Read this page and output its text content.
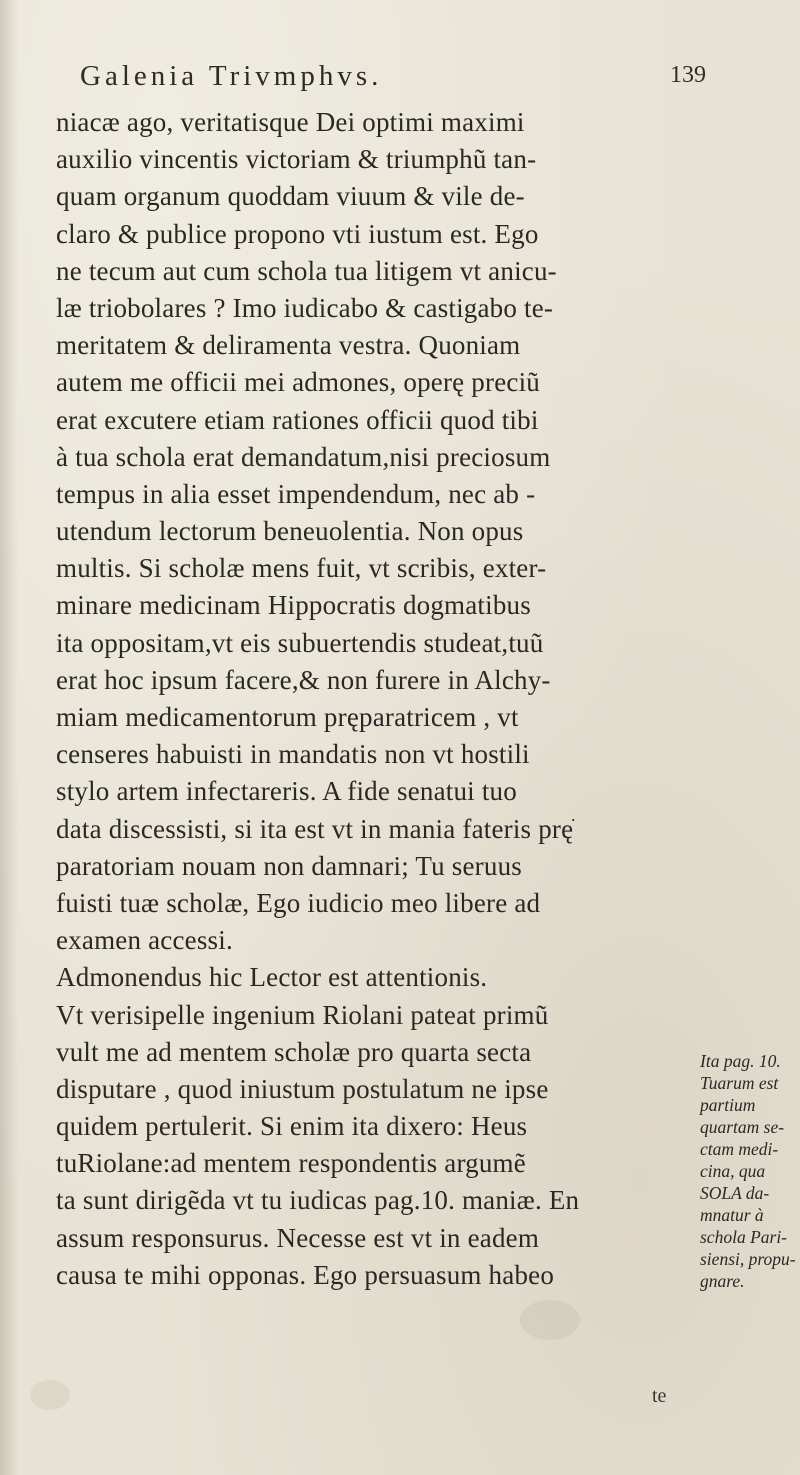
Galenia Trivmphvs.	139
niacæ ago, veritatisque Dei optimi maximi
auxilio vincentis victoriam & triumphũ tan-
quam organum quoddam viuum & vile de-
claro & publice propono vti iustum est. Ego
ne tecum aut cum schola tua litigem vt anicu-
læ triobolares ? Imo iudicabo & castigabo te-
meritatem & deliramenta vestra. Quoniam
autem me officii mei admones, operę preciũ
erat excutere etiam rationes officii quod tibi
à tua schola erat demandatum,nisi preciosum
tempus in alia esset impendendum, nec ab -
utendum lectorum beneuolentia. Non opus
multis. Si scholæ mens fuit, vt scribis, exter-
minare medicinam Hippocratis dogmatibus
ita oppositam,vt eis subuertendis studeat,tuũ
erat hoc ipsum facere,& non furere in Alchy-
miam medicamentorum pręparatricem , vt
censeres habuisti in mandatis non vt hostili
stylo artem infectareris. A fide senatui tuo
data discessisti, si ita est vt in mania fateris pręֺ
paratoriam nouam non damnari; Tu seruus
fuisti tuæ scholæ, Ego iudicio meo libere ad
examen accessi.
Admonendus hic Lector est attentionis.
Vt verisipelle ingenium Riolani pateat primũ
vult me ad mentem scholæ pro quarta secta
disputare , quod iniustum postulatum ne ipse
quidem pertulerit. Si enim ita dixero: Heus
tuRiolane:ad mentem respondentis argumẽ
ta sunt dirigẽda vt tu iudicas pag.10. maniæ. En
assum responsurus. Necesse est vt in eadem
causa te mihi opponas. Ego persuasum habeo
Ita pag. 10.
Tuarum est
partium
quartam se-
ctam medi-
cina, qua
SOLA da-
mnatur à
schola Pari-
siensi, propu-
gnare.
te
